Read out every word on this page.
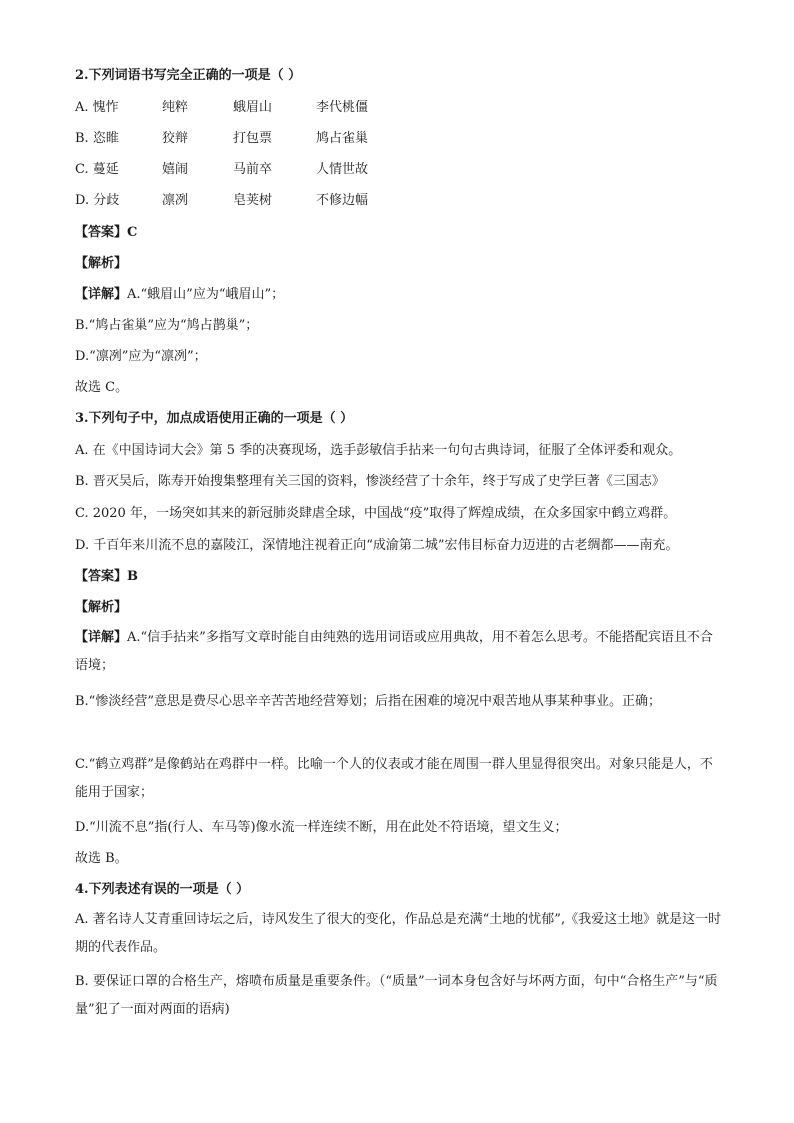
2.下列词语书写完全正确的一项是（ ）
A. 愧怍	纯粹	蛾眉山	李代桃僵
B. 恣睢	狡辩	打包票	鸠占雀巢
C. 蔓延	嬉闹	马前卒	人情世故
D. 分歧	凛冽	皂荚树	不修边幅
【答案】C
【解析】
【详解】A.“蛾眉山”应为“峨眉山”；
B.“鸠占雀巢”应为“鸠占鹊巢”；
D.“凛冽”应为“凛冽”；
故选 C。
3.下列句子中，加点成语使用正确的一项是（ ）
A. 在《中国诗词大会》第 5 季的决赛现场，选手彭敏信手拈来一句句古典诗词，征服了全体评委和观众。
B. 晋灭吴后，陈寿开始搜集整理有关三国的资料，惨淡经营了十余年，终于写成了史学巨著《三国志》
C. 2020 年，一场突如其来的新冠肺炎肆虐全球，中国战“疫”取得了辉煌成绩，在众多国家中鹤立鸡群。
D. 千百年来川流不息的嘉陵江，深情地注视着正向“成渝第二城”宏伟目标奋力迈进的古老绸都——南充。
【答案】B
【解析】
【详解】A.“信手拈来”多指写文章时能自由纯熟的选用词语或应用典故，用不着怎么思考。不能搭配宾语且不合语境；
B.“惨淡经营”意思是费尽心思辛辛苦苦地经营筹划；后指在困难的境况中艰苦地从事某种事业。正确；
C.“鹤立鸡群”是像鹤站在鸡群中一样。比喻一个人的仪表或才能在周围一群人里显得很突出。对象只能是人，不能用于国家；
D.“川流不息”指(行人、车马等)像水流一样连续不断，用在此处不符语境，望文生义；
故选 B。
4.下列表述有误的一项是（ ）
A. 著名诗人艾青重回诗坛之后，诗风发生了很大的变化，作品总是充满“土地的忧郁”,《我爱这土地》就是这一时期的代表作品。
B. 要保证口罩的合格生产，熔喷布质量是重要条件。（“质量”一词本身包含好与坏两方面，句中“合格生产”与“质量”犯了一面对两面的语病)
